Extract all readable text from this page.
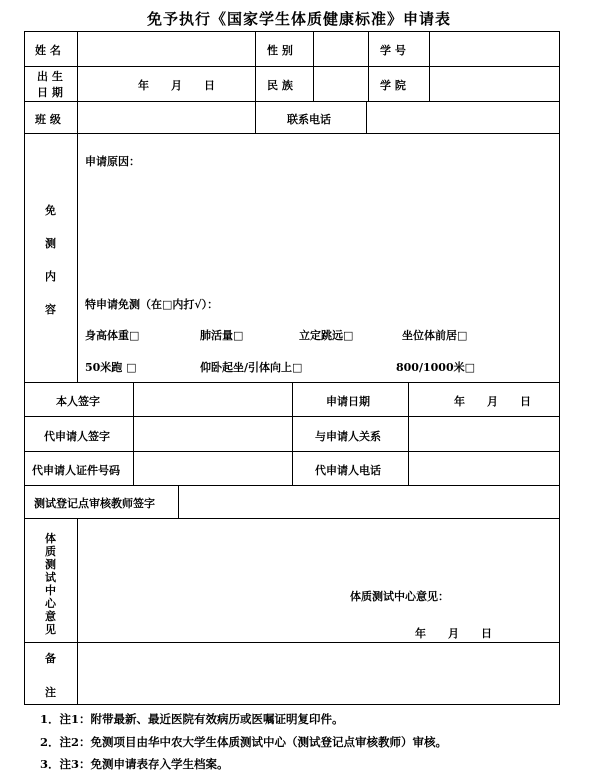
免予执行《国家学生体质健康标准》申请表
姓 名	性 别	学 号
出 生
日 期
年　　月　　日	民 族	学 院
班 级	联系电话
免
测
内
容
申请原因：
特申请免测（在□内打√）：
身高体重□	肺活量□	立定跳远□	坐位体前居□
50米跑 □	仰卧起坐/引体向上□	800/1000米□
本人签字	申请日期	年　　月　　日
代申请人签字	与申请人关系
代申请人证件号码	代申请人电话
测试登记点审核教师签字
体
质
测
试
中
心
意
见
体质测试中心意见：
年　　月　　日
备
注
1．注1：附带最新、最近医院有效病历或医嘱证明复印件。
2．注2：免测项目由华中农大学生体质测试中心（测试登记点审核教师）审核。
3．注3：免测申请表存入学生档案。
